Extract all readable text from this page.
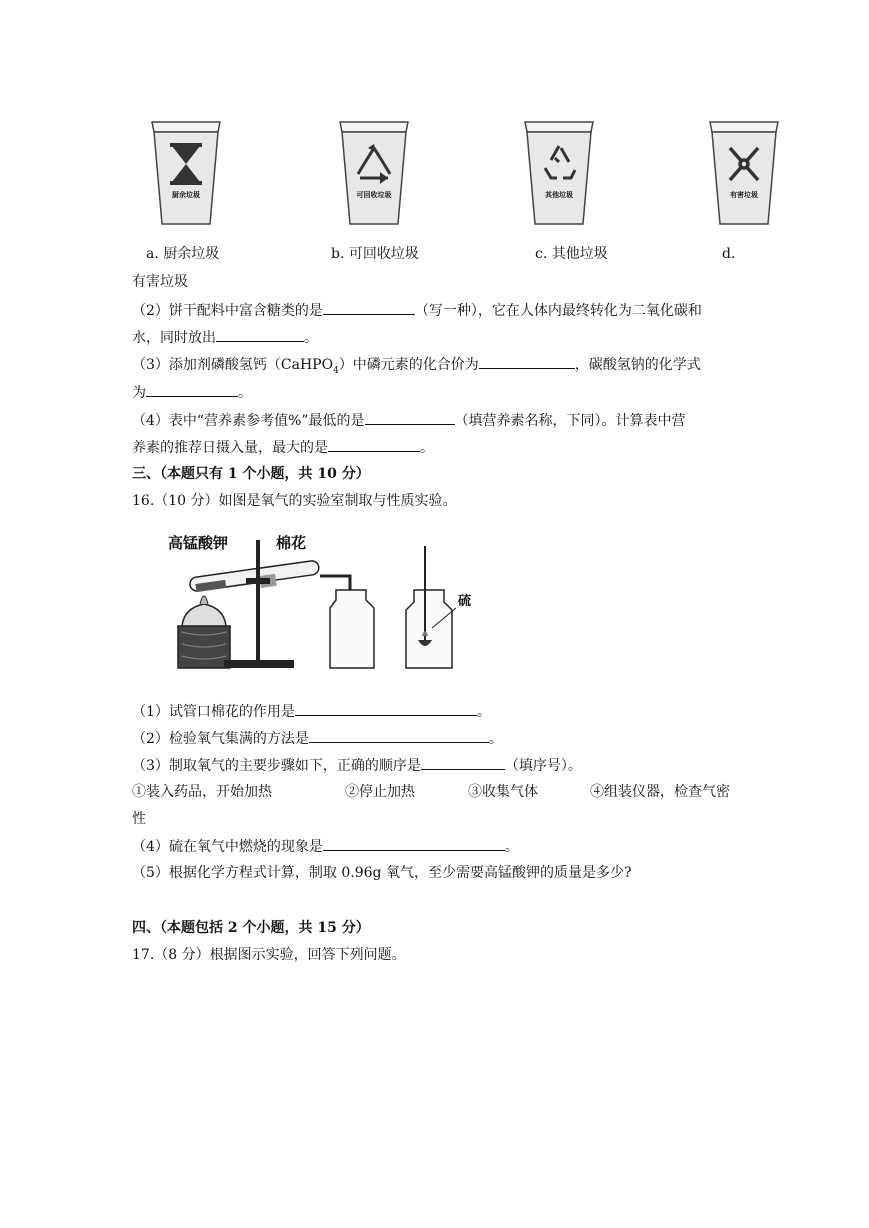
厨余垃圾	可回收垃圾	其他垃圾	有害垃圾
a. 厨余垃圾	b. 可回收垃圾	c. 其他垃圾	d.
有害垃圾
（2）饼干配料中富含糖类的是	（写一种），它在人体内最终转化为二氧化碳和
水，同时放出	。
（3）添加剂磷酸氢钙（CaHPO$_4$）中磷元素的化合价为	，碳酸氢钠的化学式
为	。
（4）表中“营养素参考值%”最低的是	（填营养素名称，下同）。计算表中营
养素的推荐日摄入量，最大的是	。
三、（本题只有 1 个小题，共 10 分）
16.（10 分）如图是氧气的实验室制取与性质实验。
高锰酸钾	棉花
硫
（1）试管口棉花的作用是	。
（2）检验氧气集满的方法是	。
（3）制取氧气的主要步骤如下，正确的顺序是	（填序号）。
①装入药品，开始加热	②停止加热	③收集气体	④组装仪器，检查气密
性
（4）硫在氧气中燃烧的现象是	。
（5）根据化学方程式计算，制取 0.96g 氧气，至少需要高锰酸钾的质量是多少?
四、（本题包括 2 个小题，共 15 分）
17.（8 分）根据图示实验，回答下列问题。
